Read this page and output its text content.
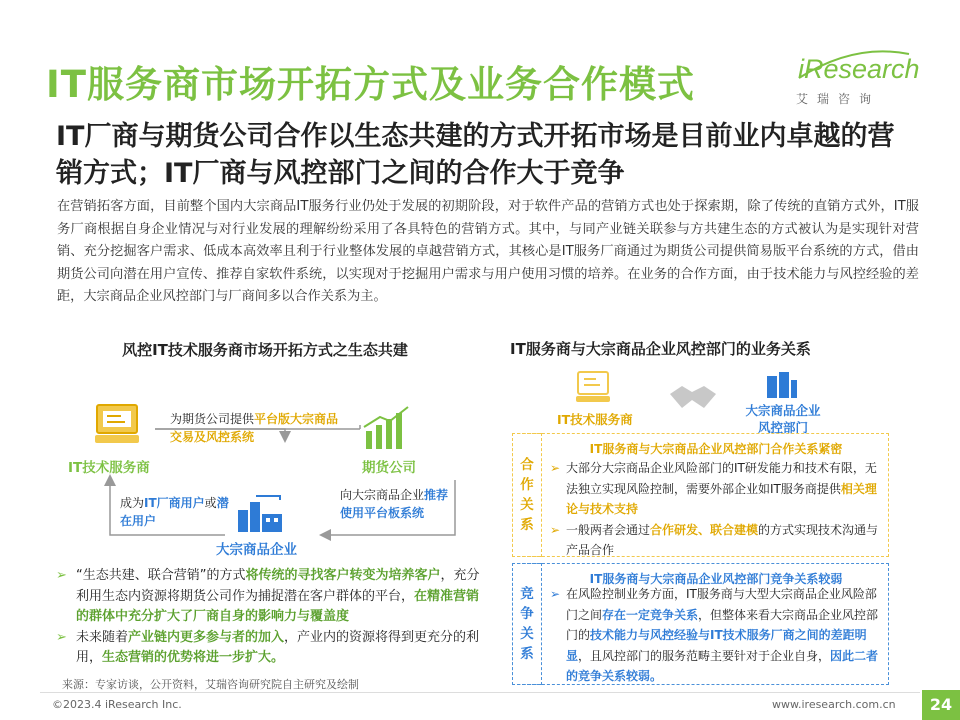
IT服务商市场开拓方式及业务合作模式	iResearch
艾瑞咨询
IT厂商与期货公司合作以生态共建的方式开拓市场是目前业内卓越的营销方式；IT厂商与风控部门之间的合作大于竞争
在营销拓客方面，目前整个国内大宗商品IT服务行业仍处于发展的初期阶段，对于软件产品的营销方式也处于探索期，除了传统的直销方式外，IT服务厂商根据自身企业情况与对行业发展的理解纷纷采用了各具特色的营销方式。其中，与同产业链关联参与方共建生态的方式被认为是实现针对营销、充分挖掘客户需求、低成本高效率且利于行业整体发展的卓越营销方式，其核心是IT服务厂商通过为期货公司提供简易版平台系统的方式，借由期货公司向潜在用户宣传、推荐自家软件系统，以实现对于挖掘用户需求与用户使用习惯的培养。在业务的合作方面，由于技术能力与风控经验的差距，大宗商品企业风控部门与厂商间多以合作关系为主。
风控IT技术服务商市场开拓方式之生态共建
IT技术服务商
为期货公司提供平台版大宗商品交易及风控系统
期货公司
向大宗商品企业推荐使用平台板系统
成为IT厂商用户或潜在用户
大宗商品企业
➢ “生态共建、联合营销”的方式将传统的寻找客户转变为培养客户，充分利用生态内资源将期货公司作为捕捉潜在客户群体的平台，在精准营销的群体中充分扩大了厂商自身的影响力与覆盖度
➢ 未来随着产业链内更多参与者的加入，产业内的资源将得到更充分的利用，生态营销的优势将进一步扩大。
IT服务商与大宗商品企业风控部门的业务关系
IT技术服务商
大宗商品企业
风控部门
合作关系
IT服务商与大宗商品企业风控部门合作关系紧密
➢ 大部分大宗商品企业风险部门的IT研发能力和技术有限，无法独立实现风险控制，需要外部企业如IT服务商提供相关理论与技术支持
➢ 一般两者会通过合作研发、联合建模的方式实现技术沟通与产品合作
竞争关系
IT服务商与大宗商品企业风控部门竞争关系较弱
➢ 在风险控制业务方面，IT服务商与大型大宗商品企业风险部门之间存在一定竞争关系，但整体来看大宗商品企业风控部门的技术能力与风控经验与IT技术服务厂商之间的差距明显，且风控部门的服务范畴主要针对于企业自身，因此二者的竞争关系较弱。
来源：专家访谈，公开资料，艾瑞咨询研究院自主研究及绘制
©2023.4 iResearch Inc.	www.iresearch.com.cn	24
